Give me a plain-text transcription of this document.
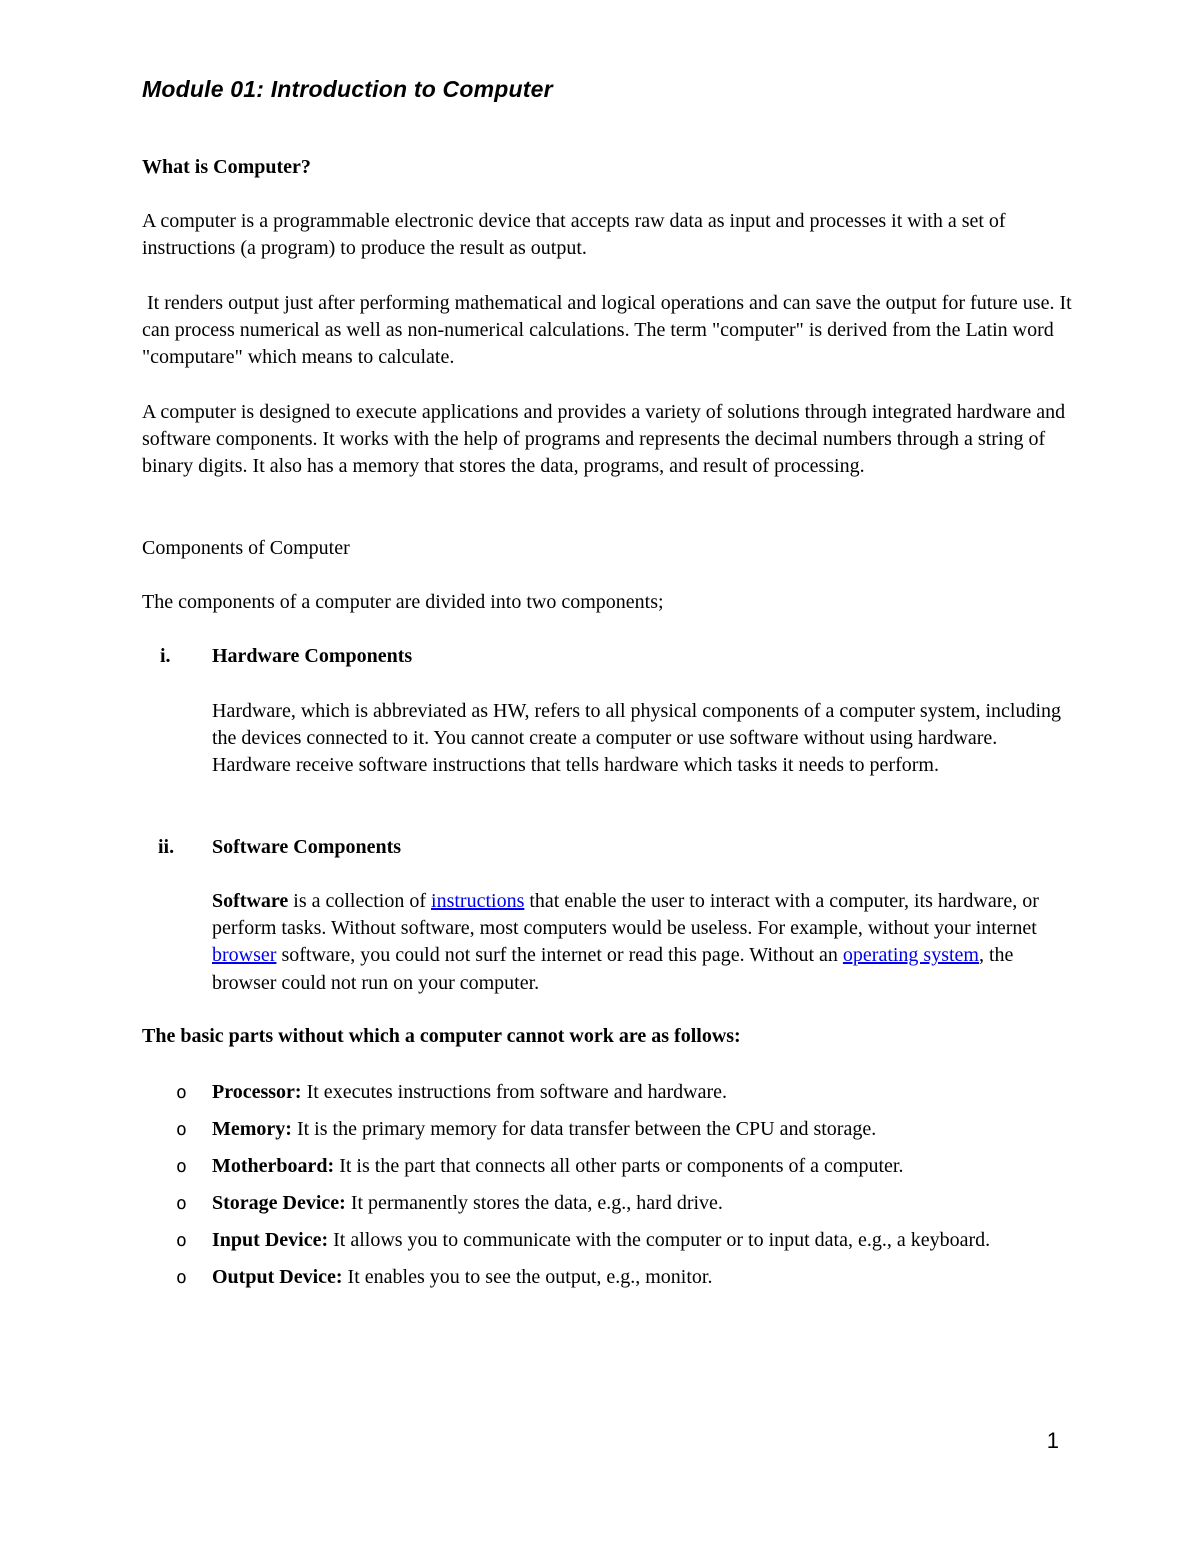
Module 01: Introduction to Computer

What is Computer?

A computer is a programmable electronic device that accepts raw data as input and processes it with a set of instructions (a program) to produce the result as output.

It renders output just after performing mathematical and logical operations and can save the output for future use. It can process numerical as well as non-numerical calculations. The term "computer" is derived from the Latin word "computare" which means to calculate.

A computer is designed to execute applications and provides a variety of solutions through integrated hardware and software components. It works with the help of programs and represents the decimal numbers through a string of binary digits. It also has a memory that stores the data, programs, and result of processing.

Components of Computer

The components of a computer are divided into two components;

i. Hardware Components

Hardware, which is abbreviated as HW, refers to all physical components of a computer system, including the devices connected to it. You cannot create a computer or use software without using hardware. Hardware receive software instructions that tells hardware which tasks it needs to perform.

ii. Software Components

Software is a collection of instructions that enable the user to interact with a computer, its hardware, or perform tasks. Without software, most computers would be useless. For example, without your internet browser software, you could not surf the internet or read this page. Without an operating system, the browser could not run on your computer.

The basic parts without which a computer cannot work are as follows:

o Processor: It executes instructions from software and hardware.
o Memory: It is the primary memory for data transfer between the CPU and storage.
o Motherboard: It is the part that connects all other parts or components of a computer.
o Storage Device: It permanently stores the data, e.g., hard drive.
o Input Device: It allows you to communicate with the computer or to input data, e.g., a keyboard.
o Output Device: It enables you to see the output, e.g., monitor.

1
